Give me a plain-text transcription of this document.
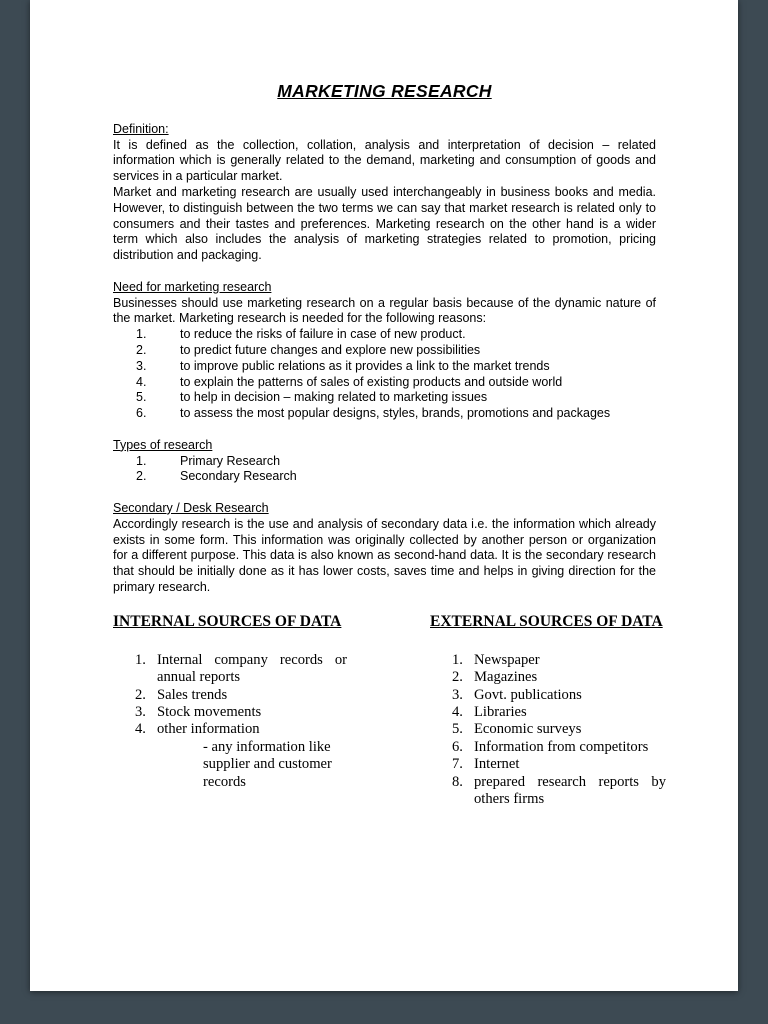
MARKETING RESEARCH
Definition:
It is defined as the collection, collation, analysis and interpretation of decision – related information which is generally related to the demand, marketing and consumption of goods and services in a particular market.
Market and marketing research are usually used interchangeably in business books and media. However, to distinguish between the two terms we can say that market research is related only to consumers and their tastes and preferences. Marketing research on the other hand is a wider term which also includes the analysis of marketing strategies related to promotion, pricing distribution and packaging.
Need for marketing research
Businesses should use marketing research on a regular basis because of the dynamic nature of the market. Marketing research is needed for the following reasons:
1.	to reduce the risks of failure in case of new product.
2.	to predict future changes and explore new possibilities
3.	to improve public relations as it provides a link to the market trends
4.	to explain the patterns of sales of existing products and outside world
5.	to help in decision – making related to marketing issues
6.	to assess the most popular designs, styles, brands, promotions and packages
Types of research
1.	Primary Research
2.	Secondary Research
Secondary / Desk Research
Accordingly research is the use and analysis of secondary data i.e. the information which already exists in some form. This information was originally collected by another person or organization for a different purpose. This data is also known as second-hand data. It is the secondary research that should be initially done as it has lower costs, saves time and helps in giving direction for the primary research.
INTERNAL SOURCES OF DATA
1. Internal company records or annual reports
2. Sales trends
3. Stock movements
4. other information
- any information like supplier and customer records
EXTERNAL SOURCES OF DATA
1. Newspaper
2. Magazines
3. Govt. publications
4. Libraries
5. Economic surveys
6. Information from competitors
7. Internet
8. prepared research reports by others firms
